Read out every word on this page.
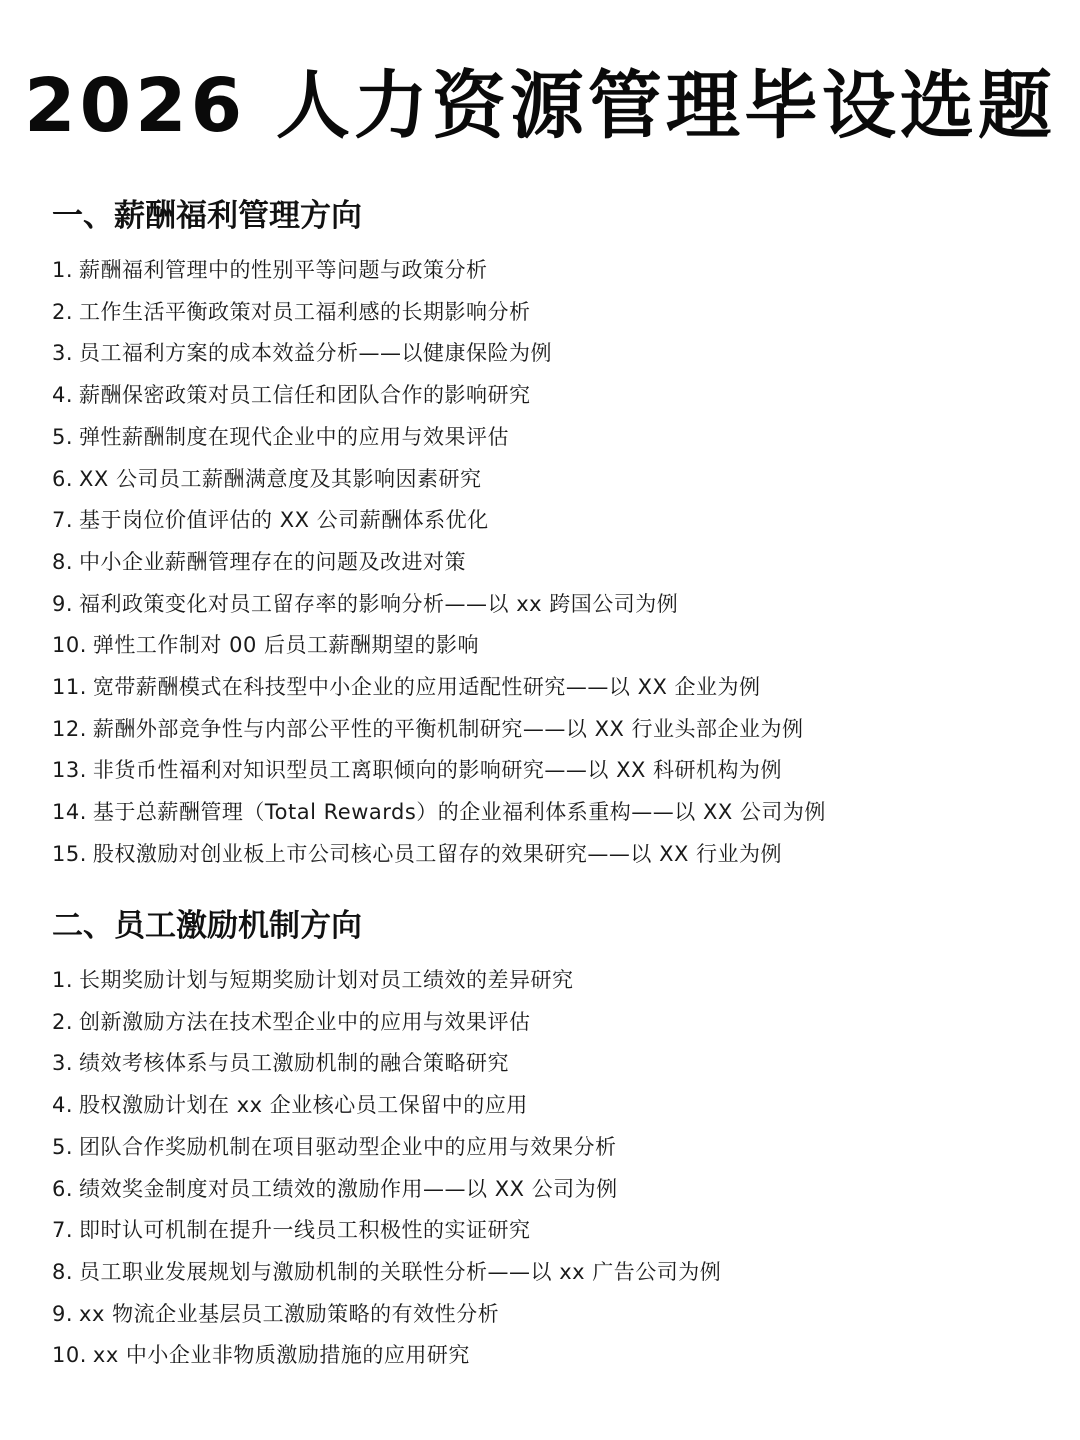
2026 人力资源管理毕设选题
一、薪酬福利管理方向
1. 薪酬福利管理中的性别平等问题与政策分析
2. 工作生活平衡政策对员工福利感的长期影响分析
3. 员工福利方案的成本效益分析——以健康保险为例
4. 薪酬保密政策对员工信任和团队合作的影响研究
5. 弹性薪酬制度在现代企业中的应用与效果评估
6. XX 公司员工薪酬满意度及其影响因素研究
7. 基于岗位价值评估的 XX 公司薪酬体系优化
8. 中小企业薪酬管理存在的问题及改进对策
9. 福利政策变化对员工留存率的影响分析——以 xx 跨国公司为例
10. 弹性工作制对 00 后员工薪酬期望的影响
11. 宽带薪酬模式在科技型中小企业的应用适配性研究——以 XX 企业为例
12. 薪酬外部竞争性与内部公平性的平衡机制研究——以 XX 行业头部企业为例
13. 非货币性福利对知识型员工离职倾向的影响研究——以 XX 科研机构为例
14. 基于总薪酬管理（Total Rewards）的企业福利体系重构——以 XX 公司为例
15. 股权激励对创业板上市公司核心员工留存的效果研究——以 XX 行业为例
二、员工激励机制方向
1. 长期奖励计划与短期奖励计划对员工绩效的差异研究
2. 创新激励方法在技术型企业中的应用与效果评估
3. 绩效考核体系与员工激励机制的融合策略研究
4. 股权激励计划在 xx 企业核心员工保留中的应用
5. 团队合作奖励机制在项目驱动型企业中的应用与效果分析
6. 绩效奖金制度对员工绩效的激励作用——以 XX 公司为例
7. 即时认可机制在提升一线员工积极性的实证研究
8. 员工职业发展规划与激励机制的关联性分析——以 xx 广告公司为例
9. xx 物流企业基层员工激励策略的有效性分析
10. xx 中小企业非物质激励措施的应用研究
